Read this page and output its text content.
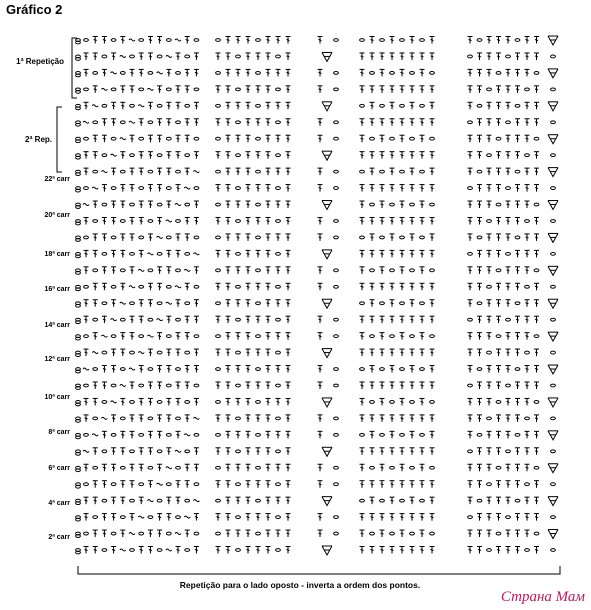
Gráfico 2
22ª carr
20ª carr
18ª carr
16ª carr
14ª carr
12ª carr
10ª carr
8ª carr
6ª carr
4ª carr
2ª carr
1ª Repetição
2ª Rep.
Repetição para o lado oposto - inverta a ordem dos pontos.
Страна Мам
